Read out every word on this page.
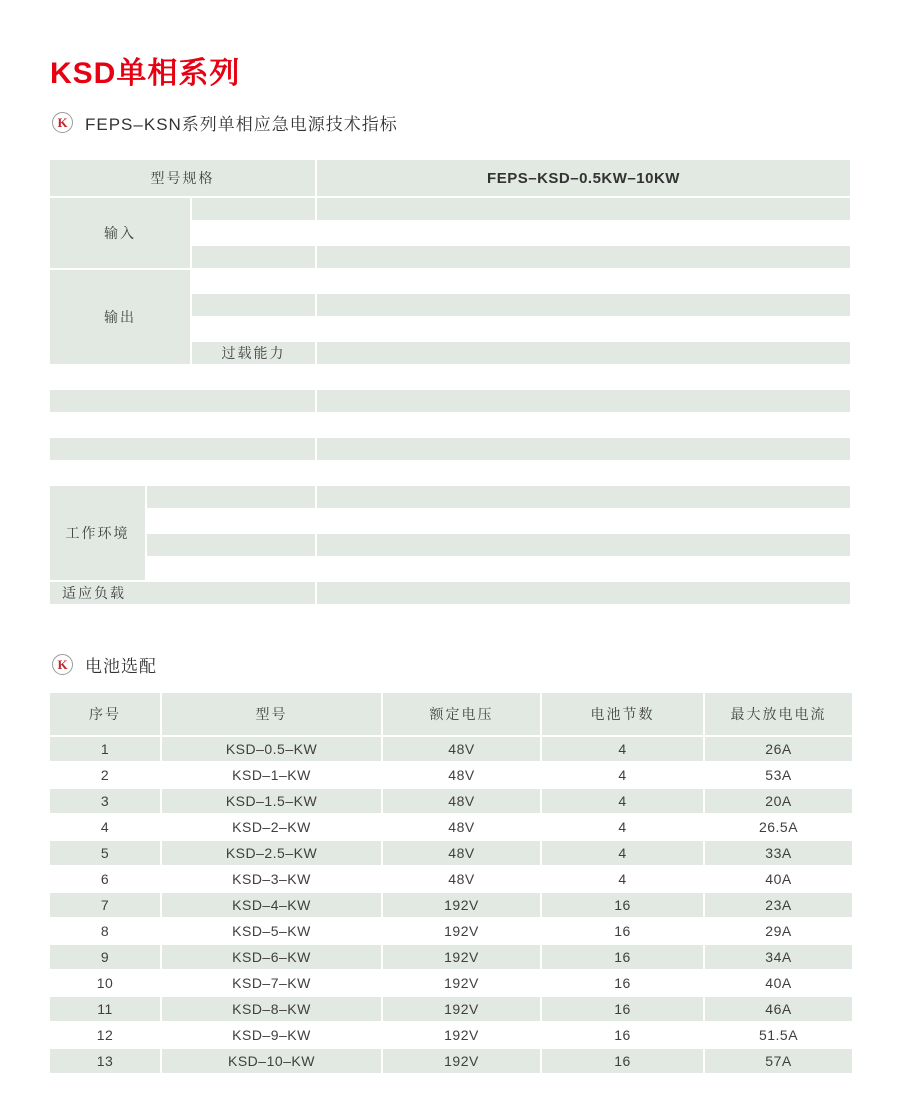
KSD单相系列
K	FEPS–KSN系列单相应急电源技术指标
型号规格			FEPS–KSD–0.5KW–10KW
输入			

输出			

		过载能力	

工作环境			

适应负载			
K	电池选配
序号	型号	额定电压	电池节数	最大放电电流
1	KSD–0.5–KW	48V	4	26A
2	KSD–1–KW	48V	4	53A
3	KSD–1.5–KW	48V	4	20A
4	KSD–2–KW	48V	4	26.5A
5	KSD–2.5–KW	48V	4	33A
6	KSD–3–KW	48V	4	40A
7	KSD–4–KW	192V	16	23A
8	KSD–5–KW	192V	16	29A
9	KSD–6–KW	192V	16	34A
10	KSD–7–KW	192V	16	40A
11	KSD–8–KW	192V	16	46A
12	KSD–9–KW	192V	16	51.5A
13	KSD–10–KW	192V	16	57A
